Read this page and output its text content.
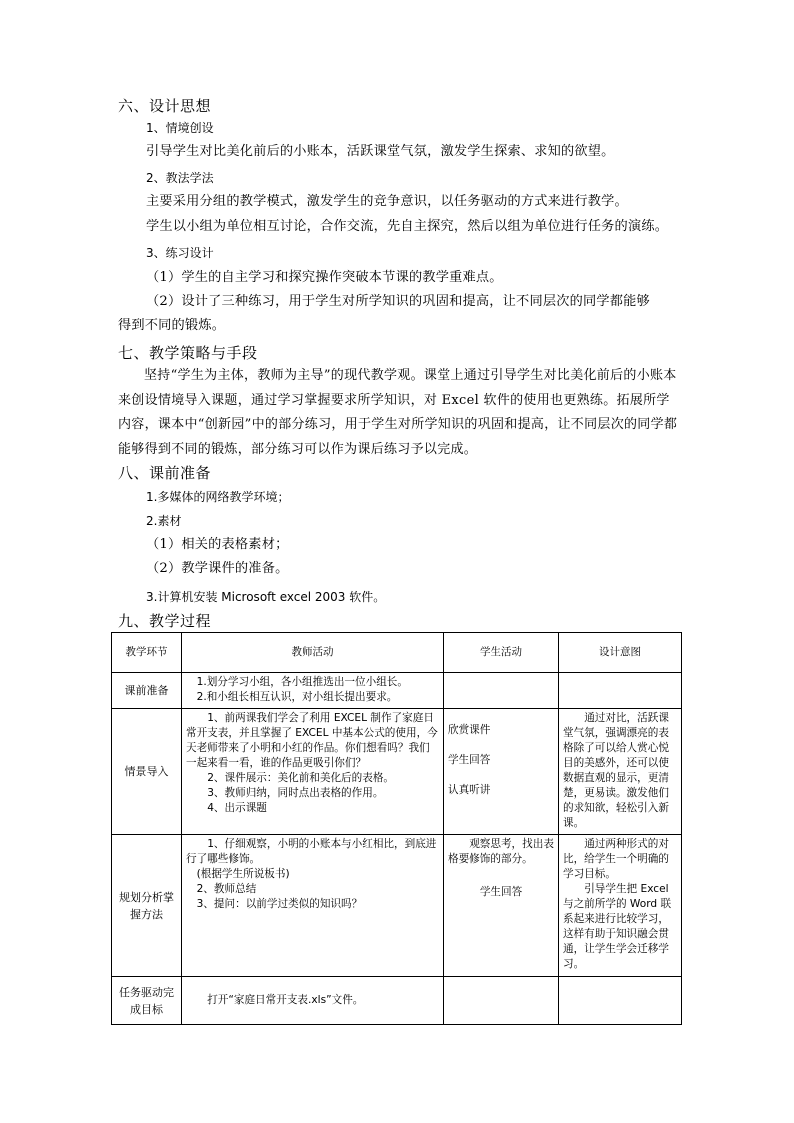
六、设计思想
1、情境创设
引导学生对比美化前后的小账本，活跃课堂气氛，激发学生探索、求知的欲望。
2、教法学法
主要采用分组的教学模式，激发学生的竞争意识，以任务驱动的方式来进行教学。
学生以小组为单位相互讨论，合作交流，先自主探究，然后以组为单位进行任务的演练。
3、练习设计
（1）学生的自主学习和探究操作突破本节课的教学重难点。
（2）设计了三种练习，用于学生对所学知识的巩固和提高，让不同层次的同学都能够
得到不同的锻炼。
七、教学策略与手段
坚持“学生为主体，教师为主导”的现代教学观。课堂上通过引导学生对比美化前后的小账本来创设情境导入课题，通过学习掌握要求所学知识，对 Excel 软件的使用也更熟练。拓展所学内容，课本中“创新园”中的部分练习，用于学生对所学知识的巩固和提高，让不同层次的同学都能够得到不同的锻炼，部分练习可以作为课后练习予以完成。
八、课前准备
1.多媒体的网络教学环境；
2.素材
（1）相关的表格素材；
（2）教学课件的准备。
3.计算机安装 Microsoft excel 2003 软件。
九、教学过程
教学环节	教师活动	学生活动	设计意图
课前准备	1.划分学习小组，各小组推选出一位小组长。
2.和小组长相互认识，对小组长提出要求。		

情景导入	1、前两课我们学会了利用 EXCEL 制作了家庭日常开支表，并且掌握了 EXCEL 中基本公式的使用，今天老师带来了小明和小红的作品。你们想看吗？我们一起来看一看，谁的作品更吸引你们？
2、课件展示：美化前和美化后的表格。
3、教师归纳，同时点出表格的作用。
4、出示课题	欣赏课件
学生回答
认真听讲	通过对比，活跃课堂气氛，强调漂亮的表格除了可以给人赏心悦目的美感外，还可以使数据直观的显示，更清楚，更易读。激发他们的求知欲，轻松引入新课。

规划分析掌握方法	1、仔细观察，小明的小账本与小红相比，到底进行了哪些修饰。
(根据学生所说板书)
2、教师总结
3、提问：以前学过类似的知识吗？	观察思考，找出表格要修饰的部分。
学生回答	通过两种形式的对比，给学生一个明确的学习目标。
引导学生把 Excel 与之前所学的 Word 联系起来进行比较学习，这样有助于知识融会贯通，让学生学会迁移学习。

任务驱动完成目标	打开“家庭日常开支表.xls”文件。		
